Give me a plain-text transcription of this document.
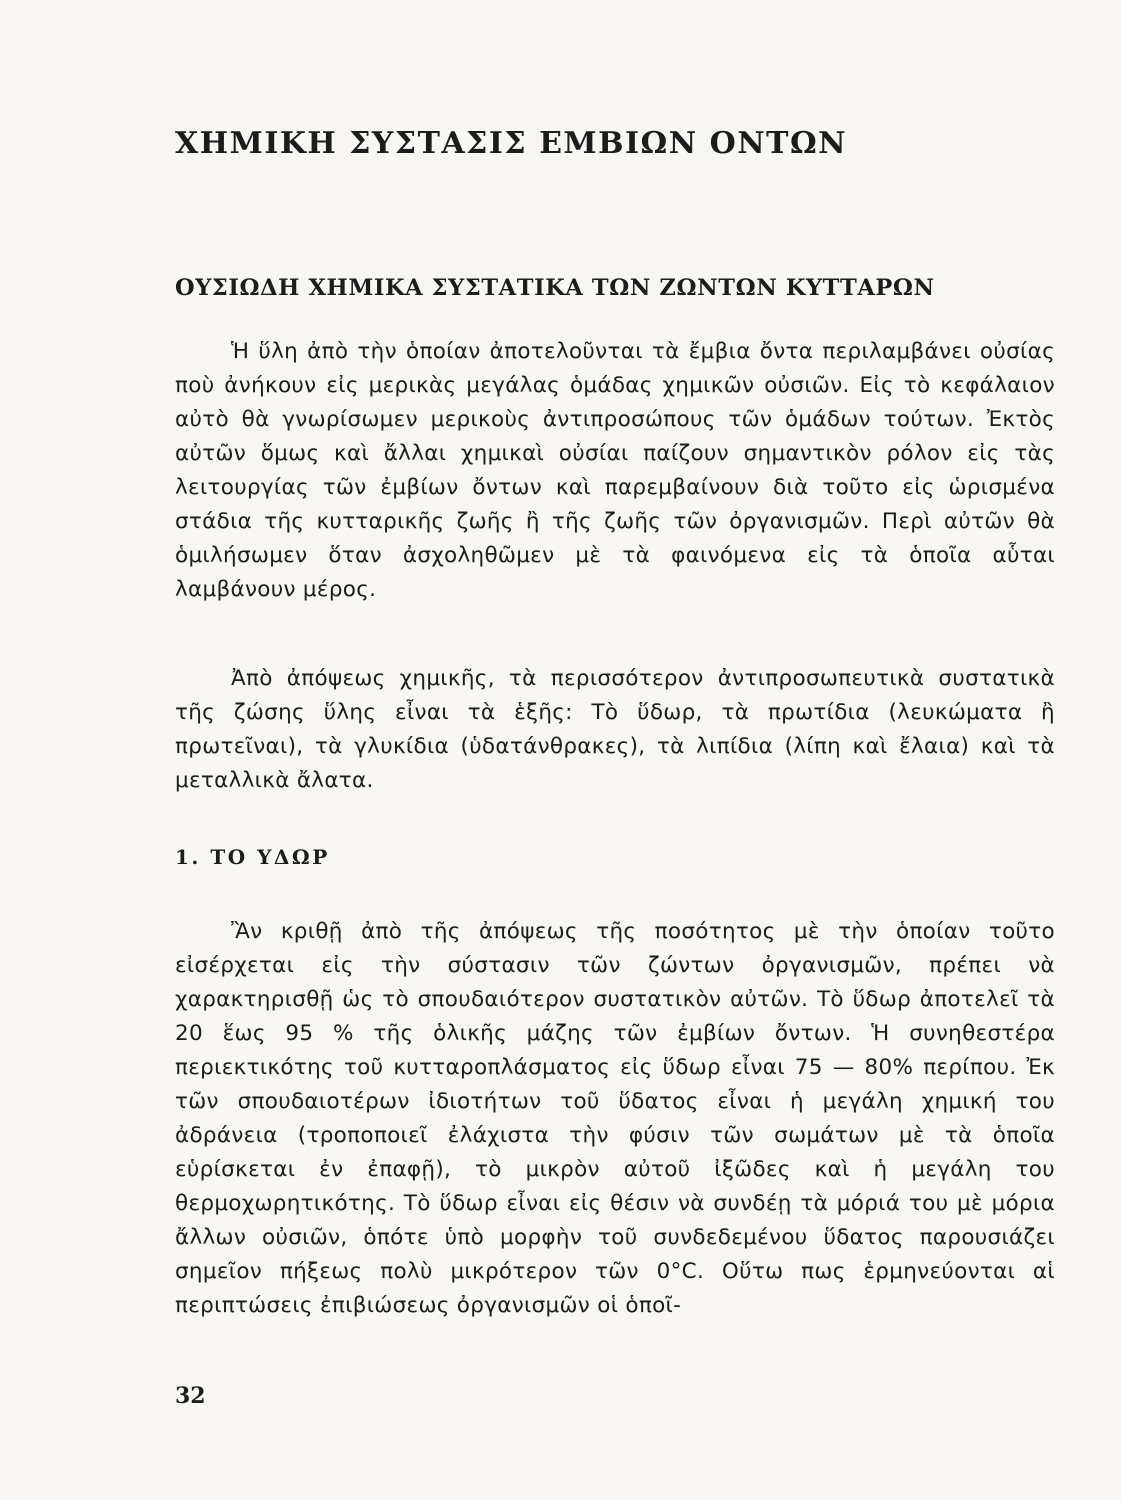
ΧΗΜΙΚΗ ΣΥΣΤΑΣΙΣ ΕΜΒΙΩΝ ΟΝΤΩΝ
ΟΥΣΙΩΔΗ ΧΗΜΙΚΑ ΣΥΣΤΑΤΙΚΑ ΤΩΝ ΖΩΝΤΩΝ ΚΥΤΤΑΡΩΝ

Ἡ ὕλη ἀπὸ τὴν ὁποίαν ἀποτελοῦνται τὰ ἔμβια ὄντα περιλαμβάνει οὐσίας ποὺ ἀνήκουν εἰς μερικὰς μεγάλας ὁμάδας χημικῶν οὐσιῶν. Εἰς τὸ κεφάλαιον αὐτὸ θὰ γνωρίσωμεν μερικοὺς ἀντιπροσώπους τῶν ὁμάδων τούτων. Ἐκτὸς αὐτῶν ὅμως καὶ ἄλλαι χημικαὶ οὐσίαι παίζουν σημαντικὸν ρόλον εἰς τὰς λειτουργίας τῶν ἐμβίων ὄντων καὶ παρεμβαίνουν διὰ τοῦτο εἰς ὡρισμένα στάδια τῆς κυτταρικῆς ζωῆς ἢ τῆς ζωῆς τῶν ὀργανισμῶν. Περὶ αὐτῶν θὰ ὁμιλήσωμεν ὅταν ἀσχοληθῶμεν μὲ τὰ φαινόμενα εἰς τὰ ὁποῖα αὗται λαμβάνουν μέρος.

Ἀπὸ ἀπόψεως χημικῆς, τὰ περισσότερον ἀντιπροσωπευτικὰ συστατικὰ τῆς ζώσης ὕλης εἶναι τὰ ἑξῆς: Τὸ ὕδωρ, τὰ πρωτίδια (λευκώματα ἢ πρωτεῖναι), τὰ γλυκίδια (ὑδατάνθρακες), τὰ λιπίδια (λίπη καὶ ἔλαια) καὶ τὰ μεταλλικὰ ἄλατα.

1. ΤΟ ΥΔΩΡ

Ἂν κριθῇ ἀπὸ τῆς ἀπόψεως τῆς ποσότητος μὲ τὴν ὁποίαν τοῦτο εἰσέρχεται εἰς τὴν σύστασιν τῶν ζώντων ὀργανισμῶν, πρέπει νὰ χαρακτηρισθῇ ὡς τὸ σπουδαιότερον συστατικὸν αὐτῶν. Τὸ ὕδωρ ἀποτελεῖ τὰ 20 ἕως 95 % τῆς ὁλικῆς μάζης τῶν ἐμβίων ὄντων. Ἡ συνηθεστέρα περιεκτικότης τοῦ κυτταροπλάσματος εἰς ὕδωρ εἶναι 75 — 80% περίπου. Ἐκ τῶν σπουδαιοτέρων ἰδιοτήτων τοῦ ὕδατος εἶναι ἡ μεγάλη χημική του ἀδράνεια (τροποποιεῖ ἐλάχιστα τὴν φύσιν τῶν σωμάτων μὲ τὰ ὁποῖα εὑρίσκεται ἐν ἐπαφῇ), τὸ μικρὸν αὐτοῦ ἰξῶδες καὶ ἡ μεγάλη του θερμοχωρητικότης. Τὸ ὕδωρ εἶναι εἰς θέσιν νὰ συνδέῃ τὰ μόριά του μὲ μόρια ἄλλων οὐσιῶν, ὁπότε ὑπὸ μορφὴν τοῦ συνδεδεμένου ὕδατος παρουσιάζει σημεῖον πήξεως πολὺ μικρότερον τῶν 0°C. Οὕτω πως ἑρμηνεύονται αἱ περιπτώσεις ἐπιβιώσεως ὀργανισμῶν οἱ ὁποῖ-

32
